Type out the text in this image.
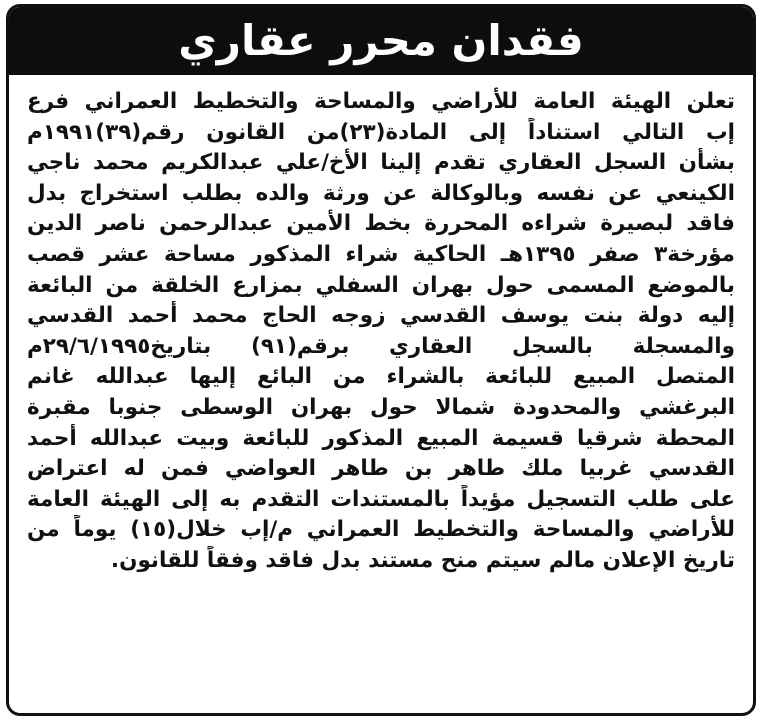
فقدان محرر عقاري
تعلن الهيئة العامة للأراضي والمساحة والتخطيط العمراني فرع
إب التالي استناداً إلى المادة(٢٣)من القانون رقم(٣٩)١٩٩١م
بشأن السجل العقاري تقدم إلينا الأخ/علي عبدالكريم محمد ناجي
الكينعي عن نفسه وبالوكالة عن ورثة والده بطلب استخراج بدل
فاقد لبصيرة شراءه المحررة بخط الأمين عبدالرحمن ناصر الدين
مؤرخة٣ صفر ١٣٩٥هـ الحاكية شراء المذكور مساحة عشر قصب
بالموضع المسمى حول بهران السفلي بمزارع الخلقة من البائعة
إليه دولة بنت يوسف القدسي زوجه الحاج محمد أحمد القدسي
والمسجلة بالسجل العقاري برقم(٩١) بتاريخ٢٩/٦/١٩٩٥م
المتصل المبيع للبائعة بالشراء من البائع إليها عبدالله غانم
البرغشي والمحدودة شمالا حول بهران الوسطى جنوبا مقبرة
المحطة شرقيا قسيمة المبيع المذكور للبائعة وبيت عبدالله أحمد
القدسي غربيا ملك طاهر بن طاهر العواضي فمن له اعتراض
على طلب التسجيل مؤيداً بالمستندات التقدم به إلى الهيئة العامة
للأراضي والمساحة والتخطيط العمراني م/إب خلال(١٥) يوماً من
تاريخ الإعلان مالم سيتم منح مستند بدل فاقد وفقاً للقانون.
